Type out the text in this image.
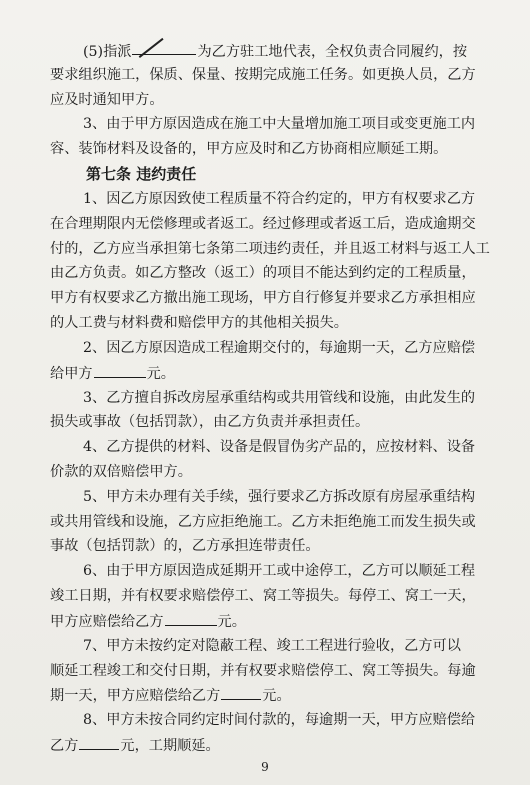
(5)指派	为乙方驻工地代表，全权负责合同履约，按
要求组织施工，保质、保量、按期完成施工任务。如更换人员，乙方
应及时通知甲方。
3、由于甲方原因造成在施工中大量增加施工项目或变更施工内
容、装饰材料及设备的，甲方应及时和乙方协商相应顺延工期。
第七条 违约责任
1、因乙方原因致使工程质量不符合约定的，甲方有权要求乙方
在合理期限内无偿修理或者返工。经过修理或者返工后，造成逾期交
付的，乙方应当承担第七条第二项违约责任，并且返工材料与返工人工
由乙方负责。如乙方整改（返工）的项目不能达到约定的工程质量，
甲方有权要求乙方撤出施工现场，甲方自行修复并要求乙方承担相应
的人工费与材料费和赔偿甲方的其他相关损失。
2、因乙方原因造成工程逾期交付的，每逾期一天，乙方应赔偿
给甲方	元。
3、乙方擅自拆改房屋承重结构或共用管线和设施，由此发生的
损失或事故（包括罚款），由乙方负责并承担责任。
4、乙方提供的材料、设备是假冒伪劣产品的，应按材料、设备
价款的双倍赔偿甲方。
5、甲方未办理有关手续，强行要求乙方拆改原有房屋承重结构
或共用管线和设施，乙方应拒绝施工。乙方未拒绝施工而发生损失或
事故（包括罚款）的，乙方承担连带责任。
6、由于甲方原因造成延期开工或中途停工，乙方可以顺延工程
竣工日期，并有权要求赔偿停工、窝工等损失。每停工、窝工一天，
甲方应赔偿给乙方	元。
7、甲方未按约定对隐蔽工程、竣工工程进行验收，乙方可以
顺延工程竣工和交付日期，并有权要求赔偿停工、窝工等损失。每逾
期一天，甲方应赔偿给乙方	元。
8、甲方未按合同约定时间付款的，每逾期一天，甲方应赔偿给
乙方	元，工期顺延。
9
